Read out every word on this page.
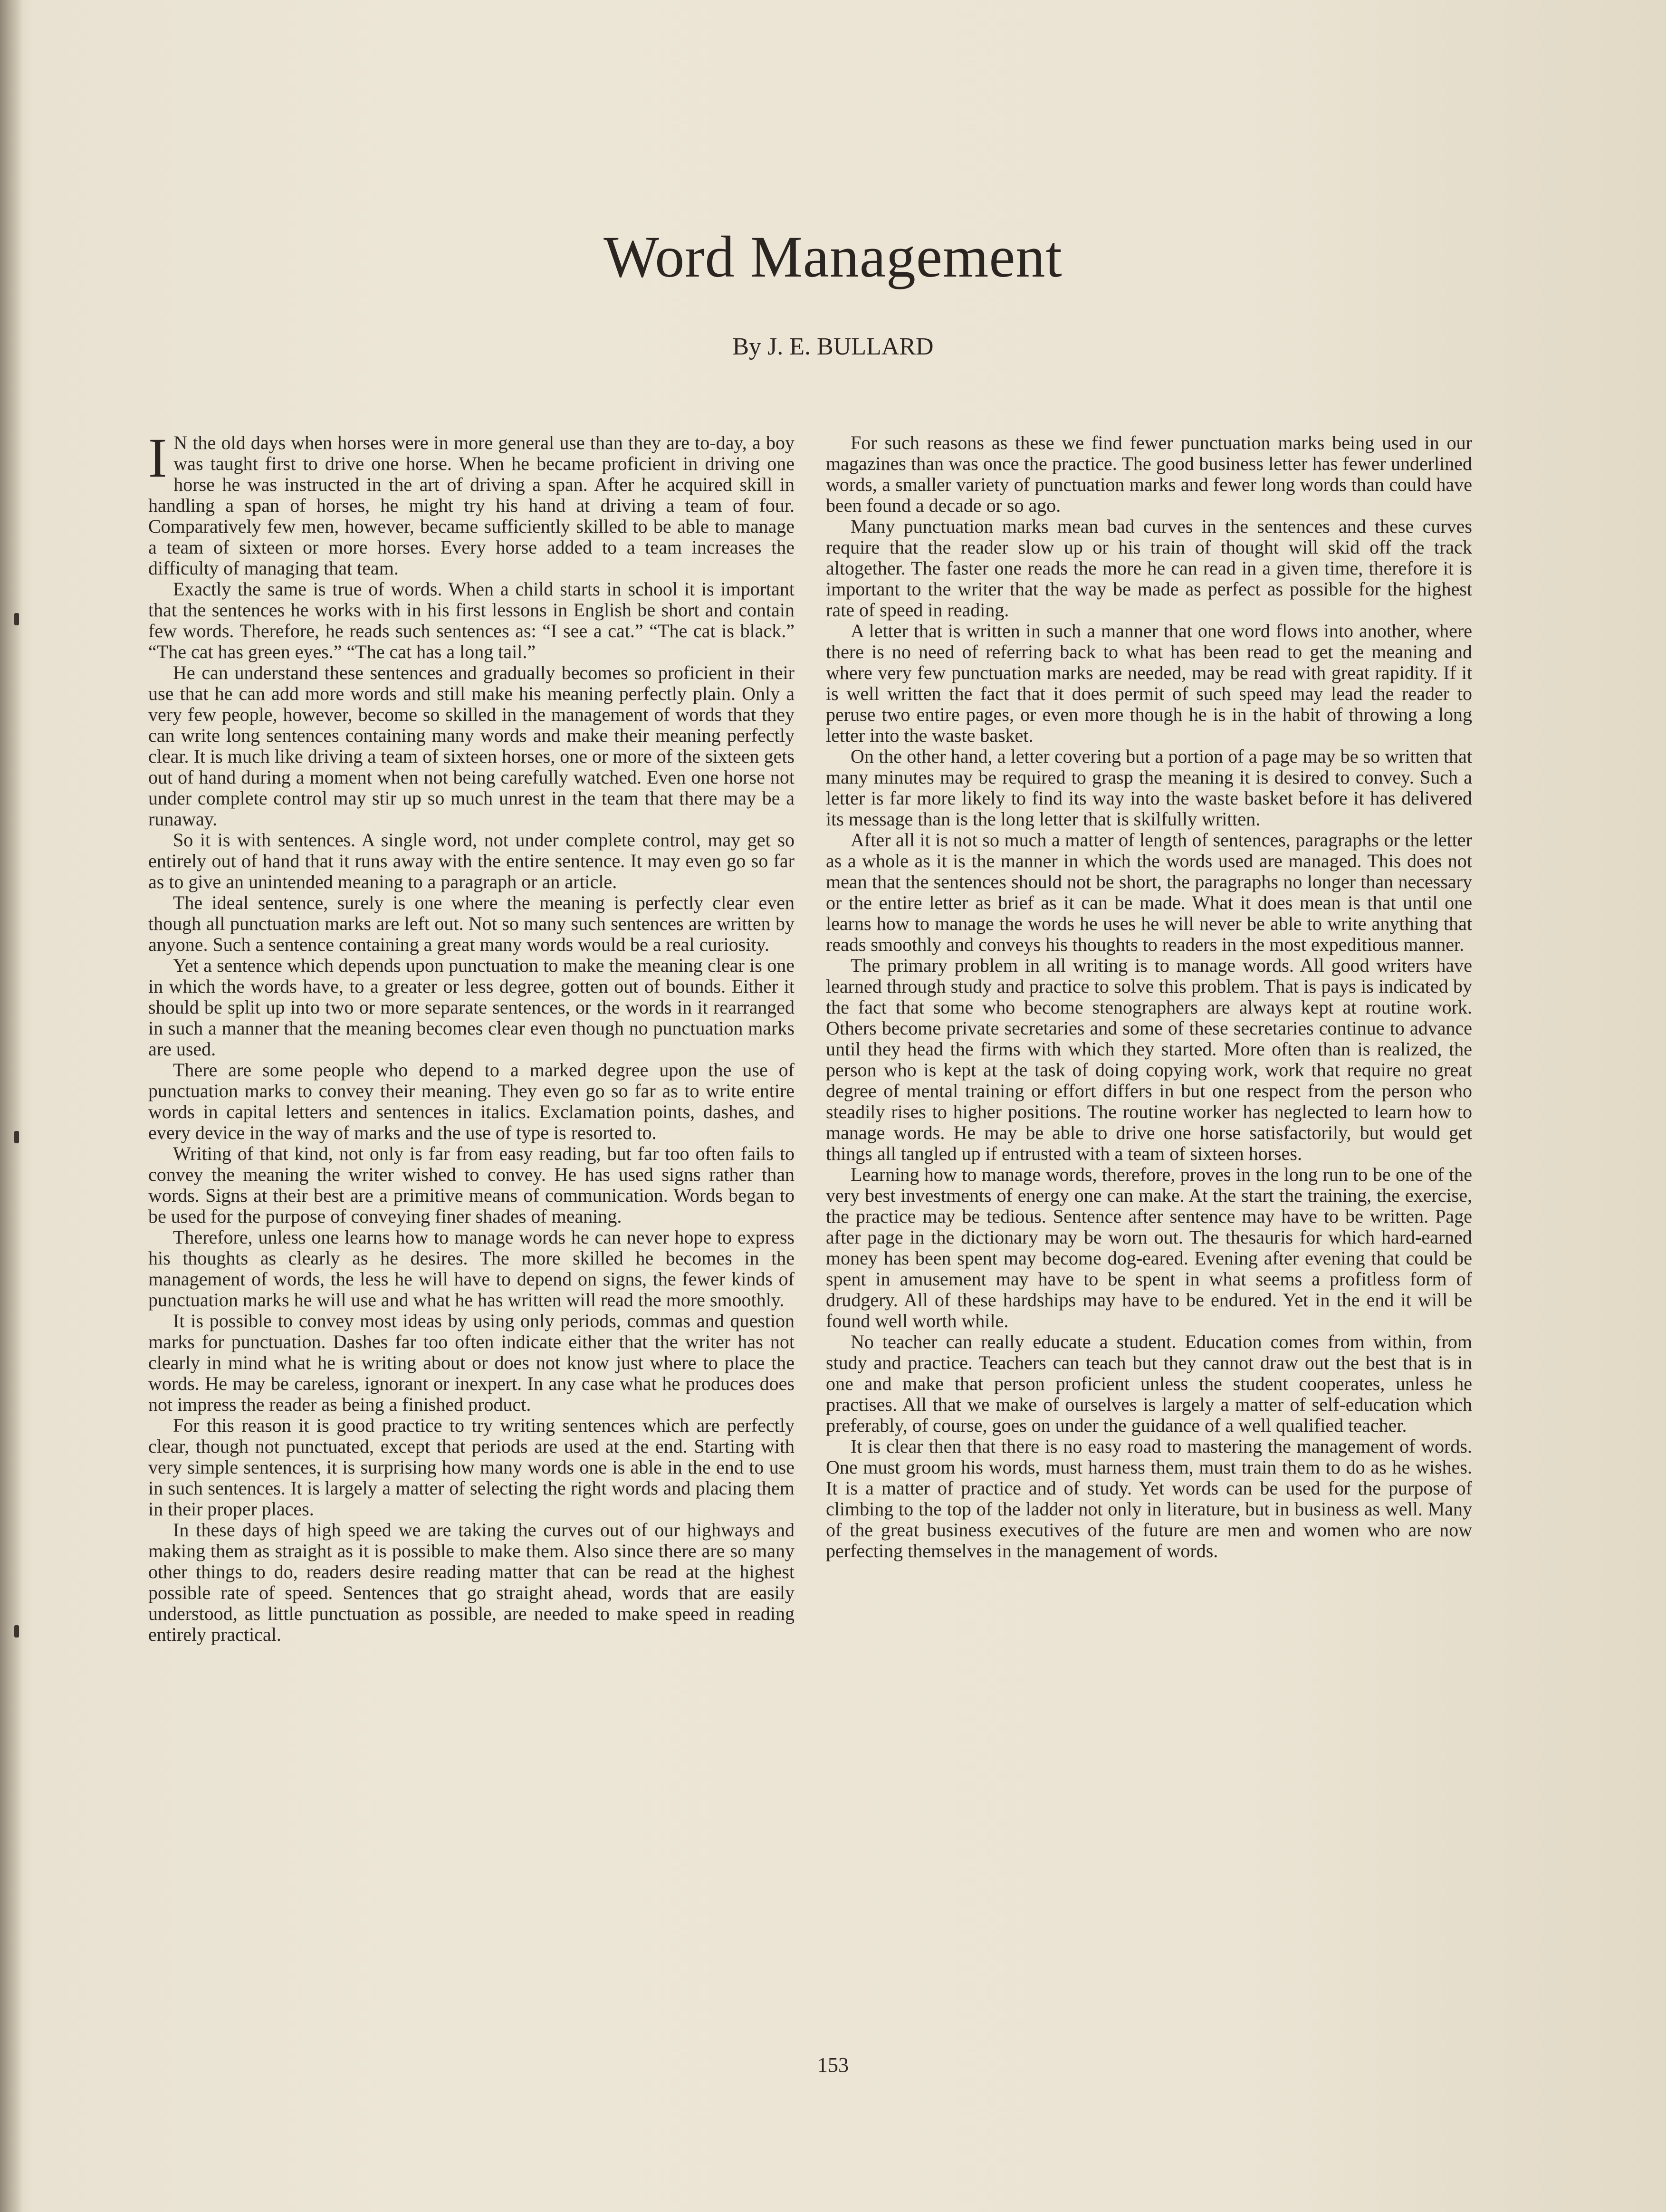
Word Management
By J. E. BULLARD

I N the old days when horses were in more general use than they are to-day, a boy was taught first to drive one horse. When he became proficient in driving one horse he was instructed in the art of driving a span. After he acquired skill in handling a span of horses, he might try his hand at driving a team of four. Comparatively few men, however, became sufficiently skilled to be able to manage a team of sixteen or more horses. Every horse added to a team increases the difficulty of managing that team.

Exactly the same is true of words. When a child starts in school it is important that the sentences he works with in his first lessons in English be short and contain few words. Therefore, he reads such sentences as: “I see a cat.” “The cat is black.” “The cat has green eyes.” “The cat has a long tail.”

He can understand these sentences and gradually becomes so proficient in their use that he can add more words and still make his meaning perfectly plain. Only a very few people, however, become so skilled in the management of words that they can write long sentences containing many words and make their meaning perfectly clear. It is much like driving a team of sixteen horses, one or more of the sixteen gets out of hand during a moment when not being carefully watched. Even one horse not under complete control may stir up so much unrest in the team that there may be a runaway.

So it is with sentences. A single word, not under complete control, may get so entirely out of hand that it runs away with the entire sentence. It may even go so far as to give an unintended meaning to a paragraph or an article.

The ideal sentence, surely is one where the meaning is perfectly clear even though all punctuation marks are left out. Not so many such sentences are written by anyone. Such a sentence containing a great many words would be a real curiosity.

Yet a sentence which depends upon punctuation to make the meaning clear is one in which the words have, to a greater or less degree, gotten out of bounds. Either it should be split up into two or more separate sentences, or the words in it rearranged in such a manner that the meaning becomes clear even though no punctuation marks are used.

There are some people who depend to a marked degree upon the use of punctuation marks to convey their meaning. They even go so far as to write entire words in capital letters and sentences in italics. Exclamation points, dashes, and every device in the way of marks and the use of type is resorted to.

Writing of that kind, not only is far from easy reading, but far too often fails to convey the meaning the writer wished to convey. He has used signs rather than words. Signs at their best are a primitive means of communication. Words began to be used for the purpose of conveying finer shades of meaning.

Therefore, unless one learns how to manage words he can never hope to express his thoughts as clearly as he desires. The more skilled he becomes in the management of words, the less he will have to depend on signs, the fewer kinds of punctuation marks he will use and what he has written will read the more smoothly.

It is possible to convey most ideas by using only periods, commas and question marks for punctuation. Dashes far too often indicate either that the writer has not clearly in mind what he is writing about or does not know just where to place the words. He may be careless, ignorant or inexpert. In any case what he produces does not impress the reader as being a finished product.

For this reason it is good practice to try writing sentences which are perfectly clear, though not punctuated, except that periods are used at the end. Starting with very simple sentences, it is surprising how many words one is able in the end to use in such sentences. It is largely a matter of selecting the right words and placing them in their proper places.

In these days of high speed we are taking the curves out of our highways and making them as straight as it is possible to make them. Also since there are so many other things to do, readers desire reading matter that can be read at the highest possible rate of speed. Sentences that go straight ahead, words that are easily understood, as little punctuation as possible, are needed to make speed in reading entirely practical.

For such reasons as these we find fewer punctuation marks being used in our magazines than was once the practice. The good business letter has fewer underlined words, a smaller variety of punctuation marks and fewer long words than could have been found a decade or so ago.

Many punctuation marks mean bad curves in the sentences and these curves require that the reader slow up or his train of thought will skid off the track altogether. The faster one reads the more he can read in a given time, therefore it is important to the writer that the way be made as perfect as possible for the highest rate of speed in reading.

A letter that is written in such a manner that one word flows into another, where there is no need of referring back to what has been read to get the meaning and where very few punctuation marks are needed, may be read with great rapidity. If it is well written the fact that it does permit of such speed may lead the reader to peruse two entire pages, or even more though he is in the habit of throwing a long letter into the waste basket.

On the other hand, a letter covering but a portion of a page may be so written that many minutes may be required to grasp the meaning it is desired to convey. Such a letter is far more likely to find its way into the waste basket before it has delivered its message than is the long letter that is skilfully written.

After all it is not so much a matter of length of sentences, paragraphs or the letter as a whole as it is the manner in which the words used are managed. This does not mean that the sentences should not be short, the paragraphs no longer than necessary or the entire letter as brief as it can be made. What it does mean is that until one learns how to manage the words he uses he will never be able to write anything that reads smoothly and conveys his thoughts to readers in the most expeditious manner.

The primary problem in all writing is to manage words. All good writers have learned through study and practice to solve this problem. That is pays is indicated by the fact that some who become stenographers are always kept at routine work. Others become private secretaries and some of these secretaries continue to advance until they head the firms with which they started. More often than is realized, the person who is kept at the task of doing copying work, work that require no great degree of mental training or effort differs in but one respect from the person who steadily rises to higher positions. The routine worker has neglected to learn how to manage words. He may be able to drive one horse satisfactorily, but would get things all tangled up if entrusted with a team of sixteen horses.

Learning how to manage words, therefore, proves in the long run to be one of the very best investments of energy one can make. At the start the training, the exercise, the practice may be tedious. Sentence after sentence may have to be written. Page after page in the dictionary may be worn out. The thesauris for which hard-earned money has been spent may become dog-eared. Evening after evening that could be spent in amusement may have to be spent in what seems a profitless form of drudgery. All of these hardships may have to be endured. Yet in the end it will be found well worth while.

No teacher can really educate a student. Education comes from within, from study and practice. Teachers can teach but they cannot draw out the best that is in one and make that person proficient unless the student cooperates, unless he practises. All that we make of ourselves is largely a matter of self-education which preferably, of course, goes on under the guidance of a well qualified teacher.

It is clear then that there is no easy road to mastering the management of words. One must groom his words, must harness them, must train them to do as he wishes. It is a matter of practice and of study. Yet words can be used for the purpose of climbing to the top of the ladder not only in literature, but in business as well. Many of the great business executives of the future are men and women who are now perfecting themselves in the management of words.

153
